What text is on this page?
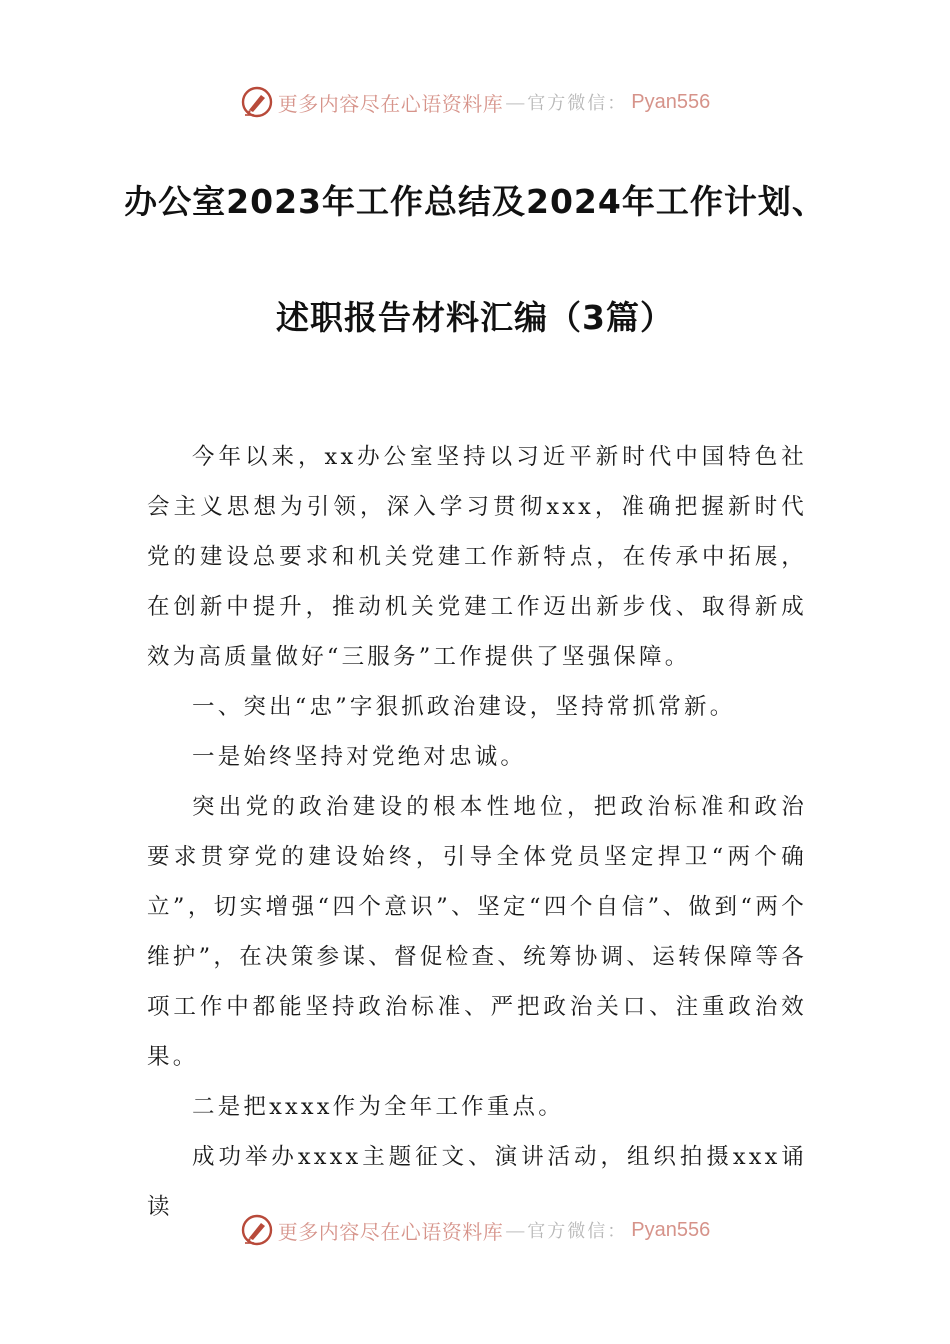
更多内容尽在心语资料库 — 官方微信： Pyan556
办公室2023年工作总结及2024年工作计划、
述职报告材料汇编（3篇）

今年以来，xx办公室坚持以习近平新时代中国特色社会主义思想为引领，深入学习贯彻xxx，准确把握新时代党的建设总要求和机关党建工作新特点，在传承中拓展，在创新中提升，推动机关党建工作迈出新步伐、取得新成效为高质量做好“三服务”工作提供了坚强保障。

一、突出“忠”字狠抓政治建设，坚持常抓常新。

一是始终坚持对党绝对忠诚。

突出党的政治建设的根本性地位，把政治标准和政治要求贯穿党的建设始终，引导全体党员坚定捍卫“两个确立”，切实增强“四个意识”、坚定“四个自信”、做到“两个维护”，在决策参谋、督促检查、统筹协调、运转保障等各项工作中都能坚持政治标准、严把政治关口、注重政治效果。

二是把xxxx作为全年工作重点。

成功举办xxxx主题征文、演讲活动，组织拍摄xxx诵读

更多内容尽在心语资料库 — 官方微信： Pyan556
